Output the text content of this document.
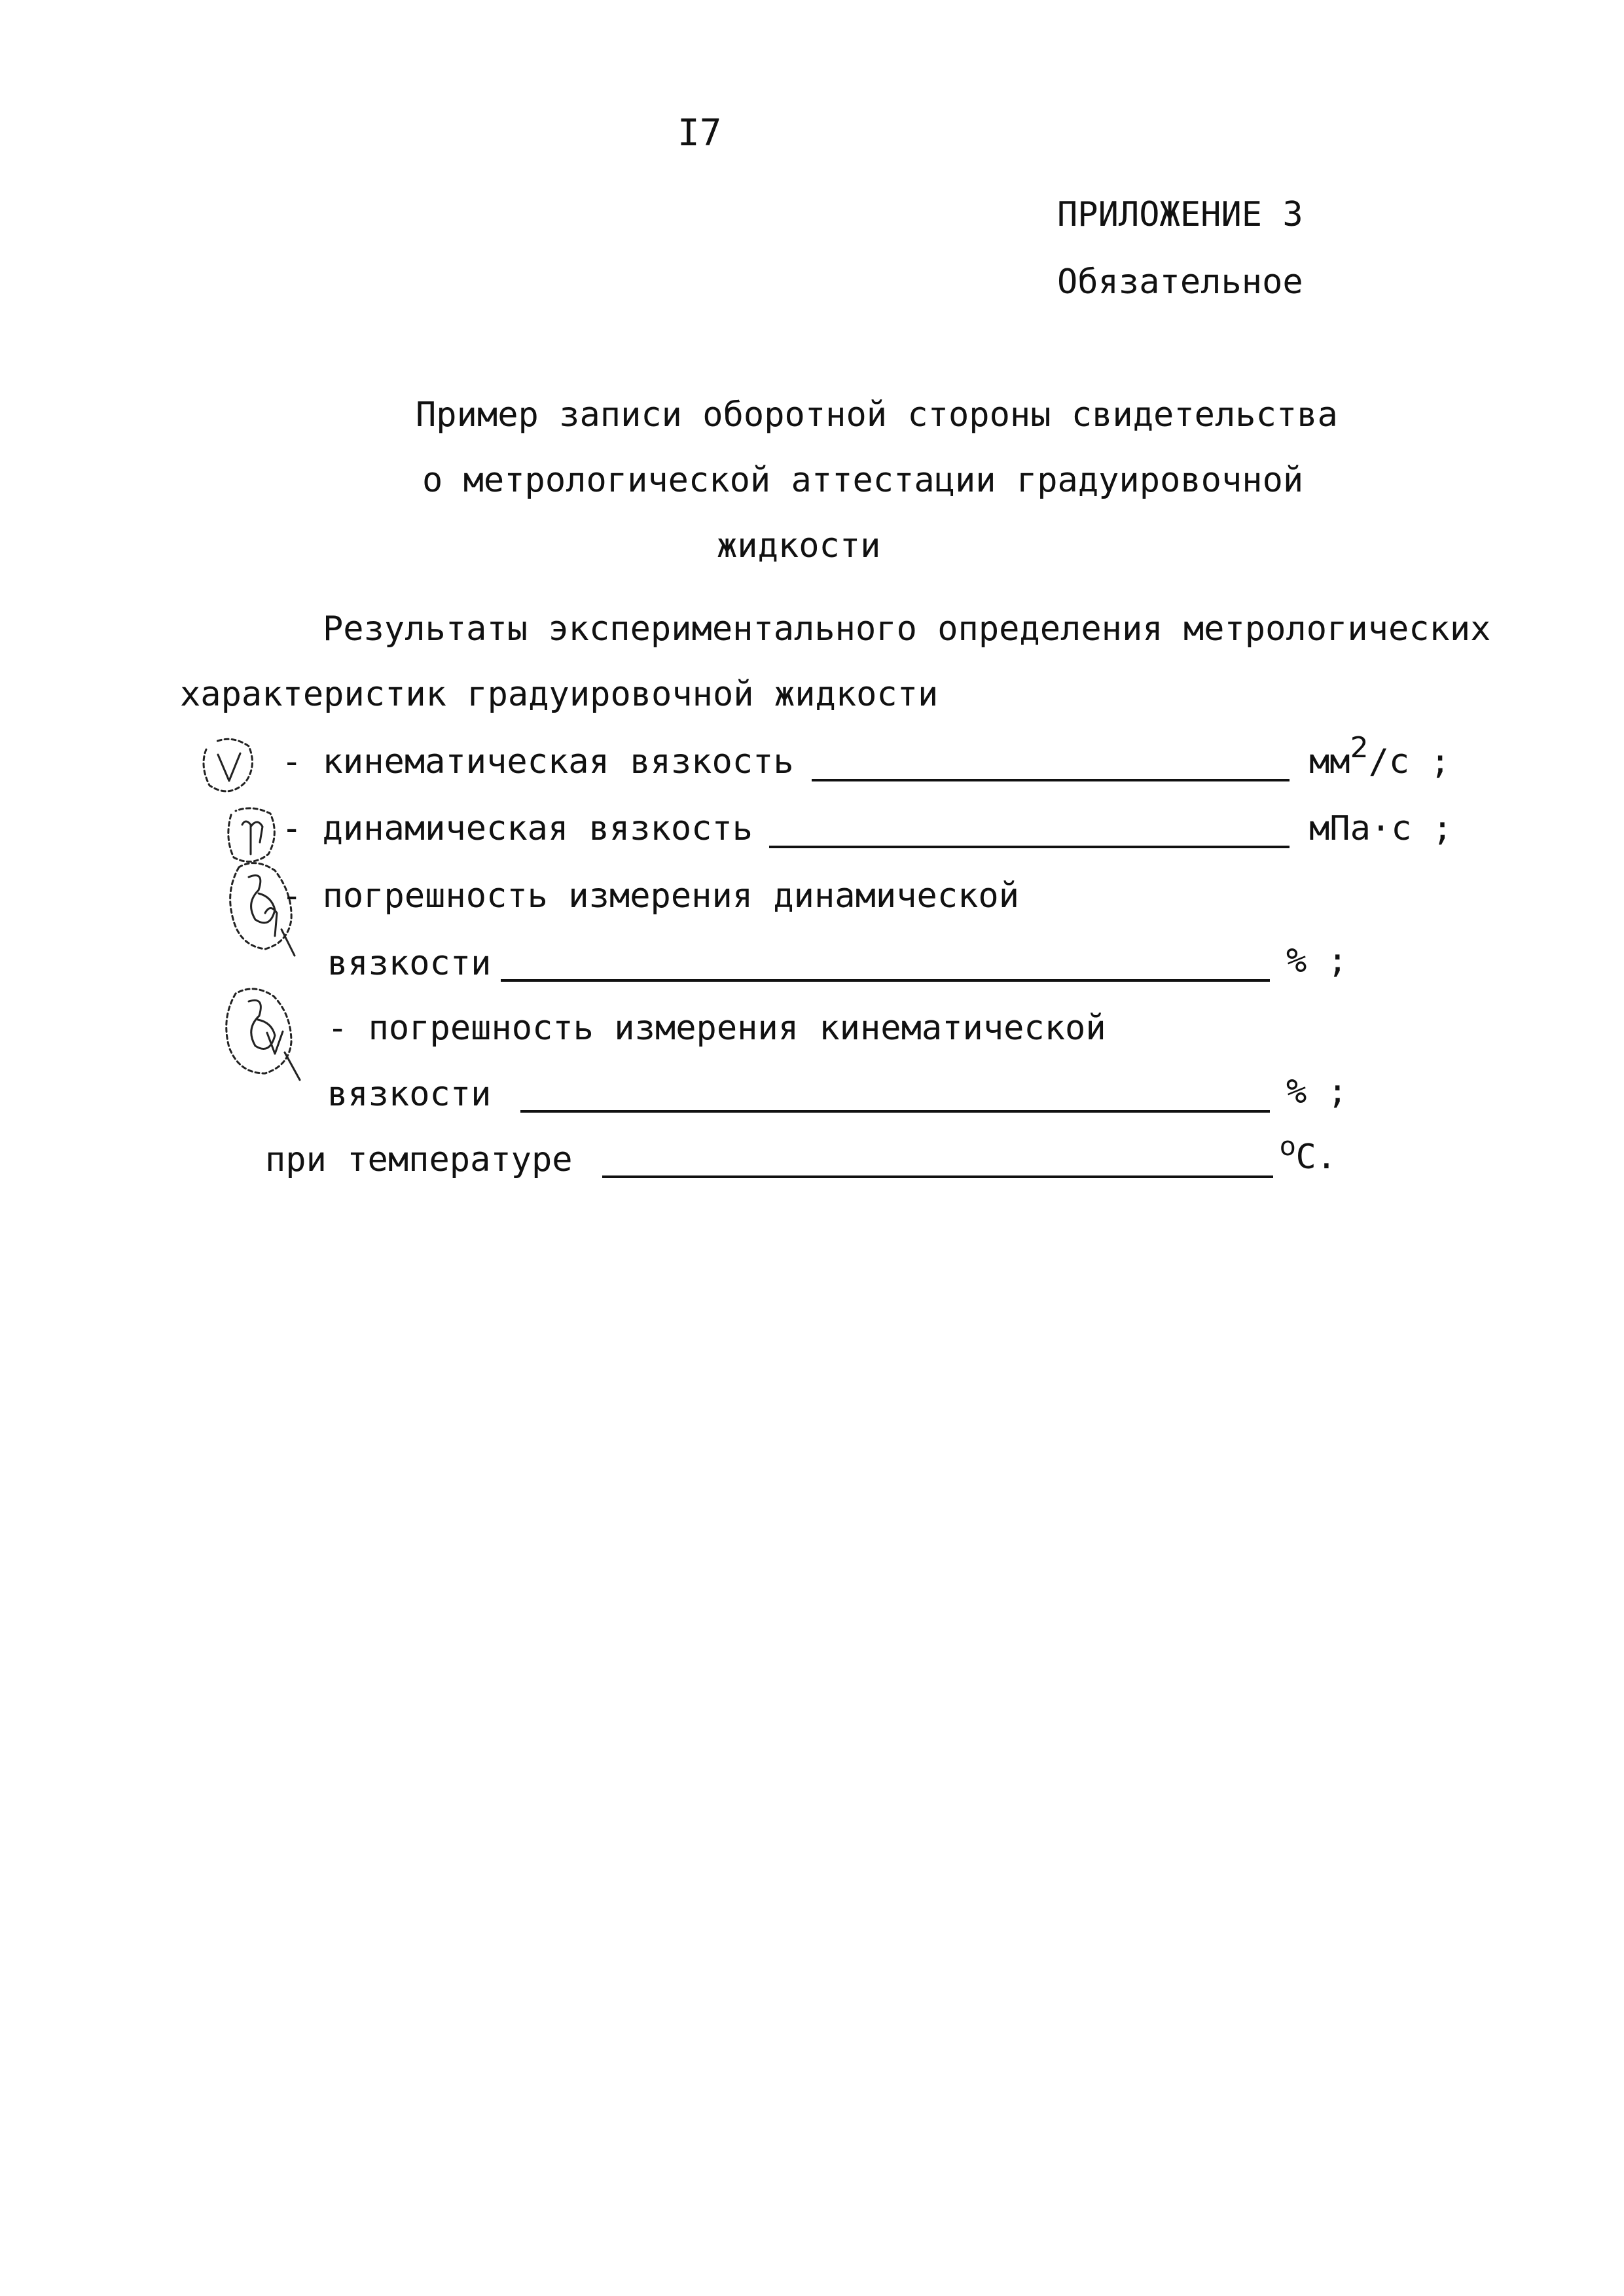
I7
ПРИЛОЖЕНИЕ 3
Обязательное
Пример записи оборотной стороны свидетельства
о метрологической аттестации градуировочной
жидкости
Результаты экспериментального определения метрологических
характеристик градуировочной жидкости
- кинематическая вязкость	$мм^2/с$ ;
- динамическая вязкость	мПа·с ;
- погрешность измерения динамической
вязкости	% ;
- погрешность измерения кинематической
вязкости	% ;
при температуре	$^о$С.
